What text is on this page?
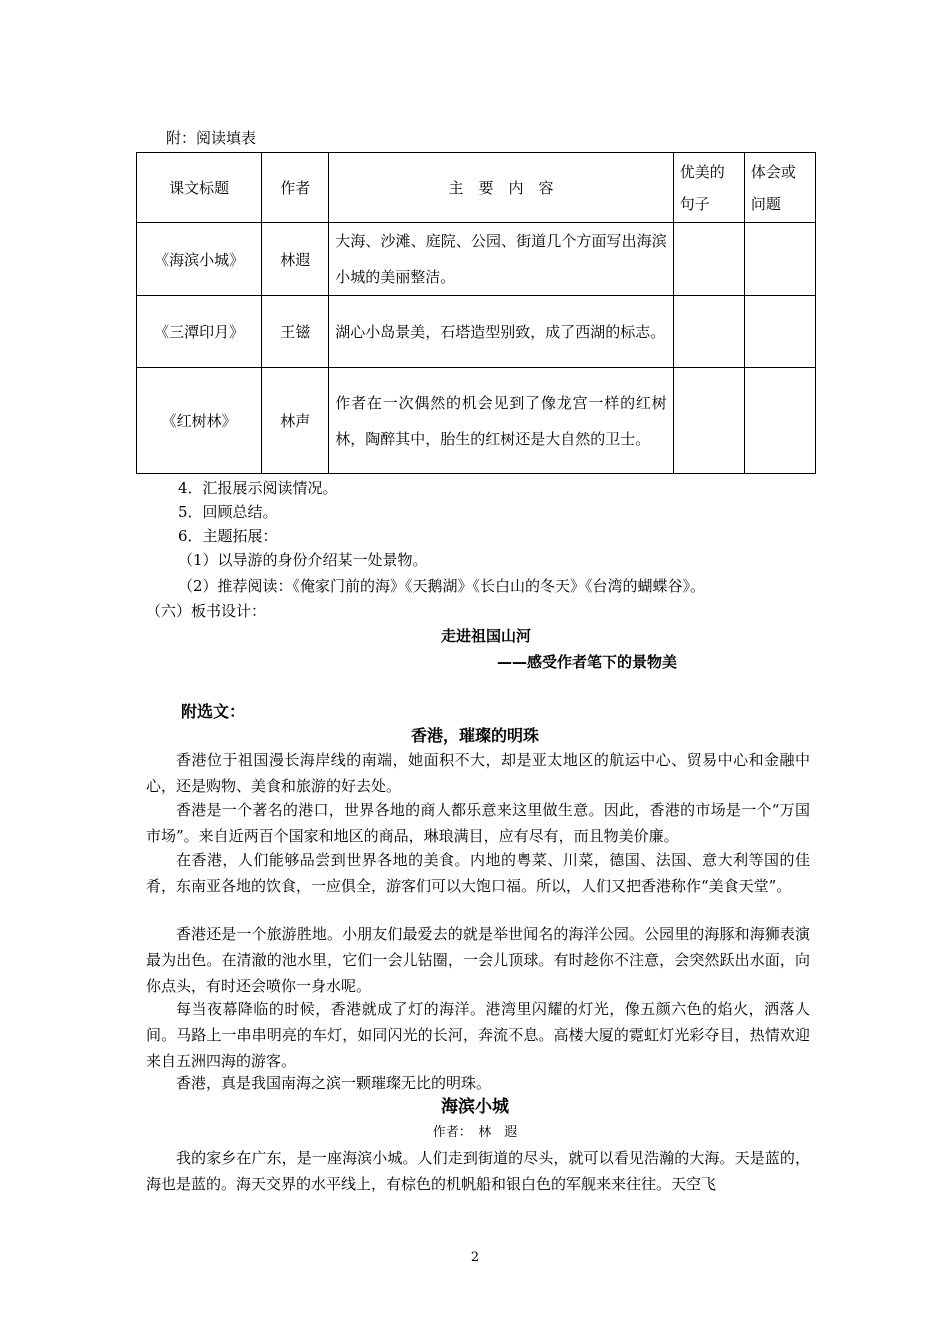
附：阅读填表
课文标题	作者	主　要　内　容	优美的句子	体会或问题
《海滨小城》	林遐	大海、沙滩、庭院、公园、街道几个方面写出海滨小城的美丽整洁。		
《三潭印月》	王镃	湖心小岛景美，石塔造型别致，成了西湖的标志。		
《红树林》	林声	作者在一次偶然的机会见到了像龙宫一样的红树林，陶醉其中，胎生的红树还是大自然的卫士。		
4．汇报展示阅读情况。
5．回顾总结。
6．主题拓展：
（1）以导游的身份介绍某一处景物。
（2）推荐阅读：《俺家门前的海》《天鹅湖》《长白山的冬天》《台湾的蝴蝶谷》。
（六）板书设计：
走进祖国山河
——感受作者笔下的景物美
附选文：
香港，璀璨的明珠
香港位于祖国漫长海岸线的南端，她面积不大，却是亚太地区的航运中心、贸易中心和金融中心，还是购物、美食和旅游的好去处。
香港是一个著名的港口，世界各地的商人都乐意来这里做生意。因此，香港的市场是一个“万国市场”。来自近两百个国家和地区的商品，琳琅满目，应有尽有，而且物美价廉。
在香港，人们能够品尝到世界各地的美食。内地的粤菜、川菜，德国、法国、意大利等国的佳肴，东南亚各地的饮食，一应俱全，游客们可以大饱口福。所以，人们又把香港称作“美食天堂”。
香港还是一个旅游胜地。小朋友们最爱去的就是举世闻名的海洋公园。公园里的海豚和海狮表演最为出色。在清澈的池水里，它们一会儿钻圈，一会儿顶球。有时趁你不注意，会突然跃出水面，向你点头，有时还会喷你一身水呢。
每当夜幕降临的时候，香港就成了灯的海洋。港湾里闪耀的灯光，像五颜六色的焰火，洒落人间。马路上一串串明亮的车灯，如同闪光的长河，奔流不息。高楼大厦的霓虹灯光彩夺目，热情欢迎来自五洲四海的游客。
香港，真是我国南海之滨一颗璀璨无比的明珠。
海滨小城
作者：　林　遐
我的家乡在广东，是一座海滨小城。人们走到街道的尽头，就可以看见浩瀚的大海。天是蓝的，海也是蓝的。海天交界的水平线上，有棕色的机帆船和银白色的军舰来来往往。天空飞
2
